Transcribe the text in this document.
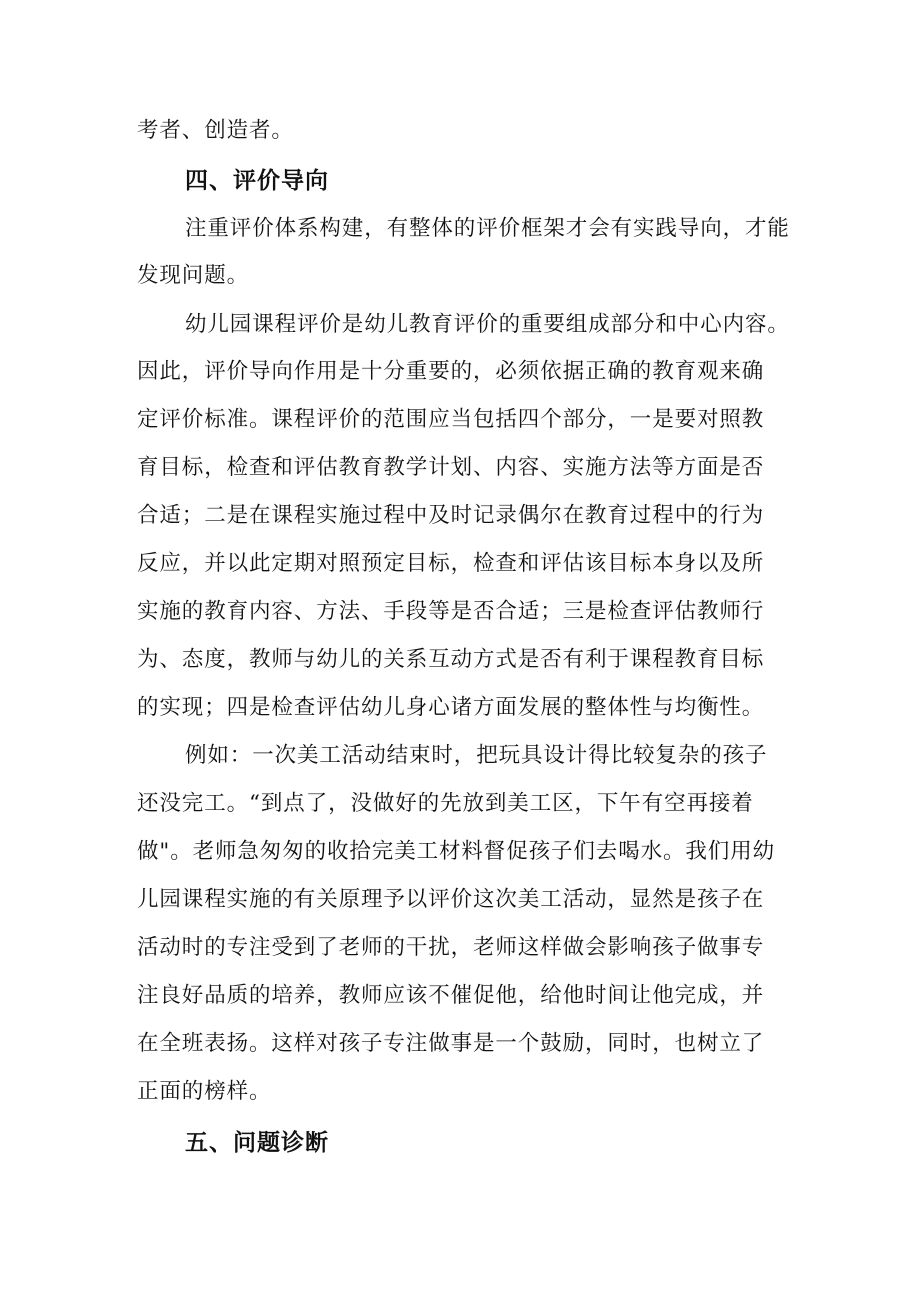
考者、创造者。
四、评价导向
注重评价体系构建，有整体的评价框架才会有实践导向，才能
发现问题。
幼儿园课程评价是幼儿教育评价的重要组成部分和中心内容。
因此，评价导向作用是十分重要的，必须依据正确的教育观来确
定评价标准。课程评价的范围应当包括四个部分，一是要对照教
育目标，检查和评估教育教学计划、内容、实施方法等方面是否
合适；二是在课程实施过程中及时记录偶尔在教育过程中的行为
反应，并以此定期对照预定目标，检查和评估该目标本身以及所
实施的教育内容、方法、手段等是否合适；三是检查评估教师行
为、态度，教师与幼儿的关系互动方式是否有利于课程教育目标
的实现；四是检查评估幼儿身心诸方面发展的整体性与均衡性。
例如：一次美工活动结束时，把玩具设计得比较复杂的孩子
还没完工。“到点了，没做好的先放到美工区，下午有空再接着
做"。老师急匆匆的收拾完美工材料督促孩子们去喝水。我们用幼
儿园课程实施的有关原理予以评价这次美工活动，显然是孩子在
活动时的专注受到了老师的干扰，老师这样做会影响孩子做事专
注良好品质的培养，教师应该不催促他，给他时间让他完成，并
在全班表扬。这样对孩子专注做事是一个鼓励，同时，也树立了
正面的榜样。
五、问题诊断
